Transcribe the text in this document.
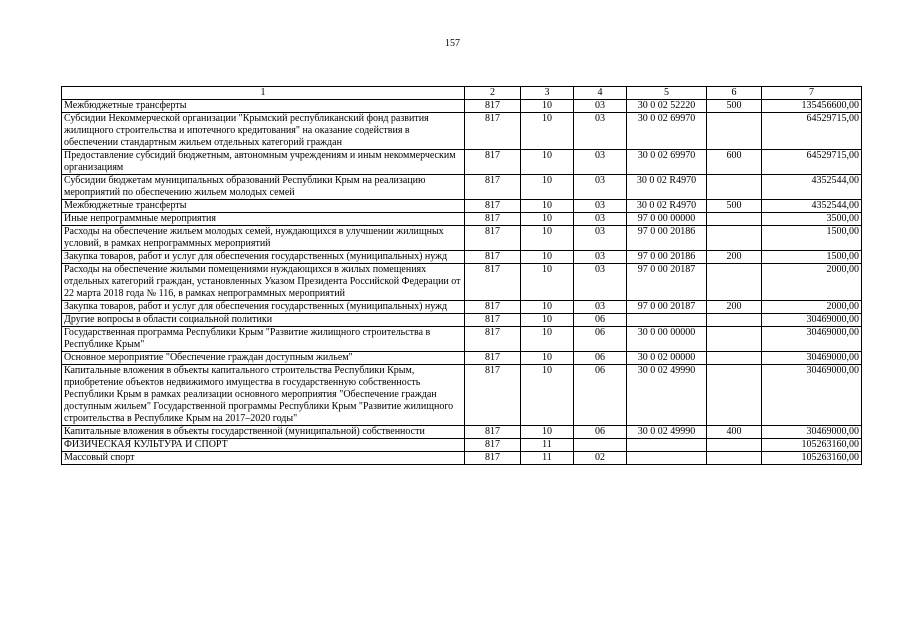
157
1	2	3	4	5	6	7
Межбюджетные трансферты	817	10	03	30 0 02 52220	500	135456600,00
Субсидии Некоммерческой организации "Крымский республиканский фонд развития жилищного строительства и ипотечного кредитования" на оказание содействия в обеспечении стандартным жильем отдельных категорий граждан	817	10	03	30 0 02 69970		64529715,00
Предоставление субсидий бюджетным, автономным учреждениям и иным некоммерческим организациям	817	10	03	30 0 02 69970	600	64529715,00
Субсидии бюджетам муниципальных образований Республики Крым на реализацию мероприятий по обеспечению жильем молодых семей	817	10	03	30 0 02 R4970		4352544,00
Межбюджетные трансферты	817	10	03	30 0 02 R4970	500	4352544,00
Иные непрограммные мероприятия	817	10	03	97 0 00 00000		3500,00
Расходы на обеспечение жильем молодых семей, нуждающихся в улучшении жилищных условий, в рамках непрограммных мероприятий	817	10	03	97 0 00 20186		1500,00
Закупка товаров, работ и услуг для обеспечения государственных (муниципальных) нужд	817	10	03	97 0 00 20186	200	1500,00
Расходы на обеспечение жилыми помещениями нуждающихся в жилых помещениях отдельных категорий граждан, установленных Указом Президента Российской Федерации от 22 марта 2018 года № 116, в рамках непрограммных мероприятий	817	10	03	97 0 00 20187		2000,00
Закупка товаров, работ и услуг для обеспечения государственных (муниципальных) нужд	817	10	03	97 0 00 20187	200	2000,00
Другие вопросы в области социальной политики	817	10	06			30469000,00
Государственная программа Республики Крым "Развитие жилищного строительства в Республике Крым"	817	10	06	30 0 00 00000		30469000,00
Основное мероприятие "Обеспечение граждан доступным жильем"	817	10	06	30 0 02 00000		30469000,00
Капитальные вложения в объекты капитального строительства Республики Крым, приобретение объектов недвижимого имущества в государственную собственность Республики Крым в рамках реализации основного мероприятия "Обеспечение граждан доступным жильем" Государственной программы Республики Крым "Развитие жилищного строительства в Республике Крым на 2017–2020 годы"	817	10	06	30 0 02 49990		30469000,00
Капитальные вложения в объекты государственной (муниципальной) собственности	817	10	06	30 0 02 49990	400	30469000,00
ФИЗИЧЕСКАЯ КУЛЬТУРА И СПОРТ	817	11				105263160,00
Массовый спорт	817	11	02			105263160,00
